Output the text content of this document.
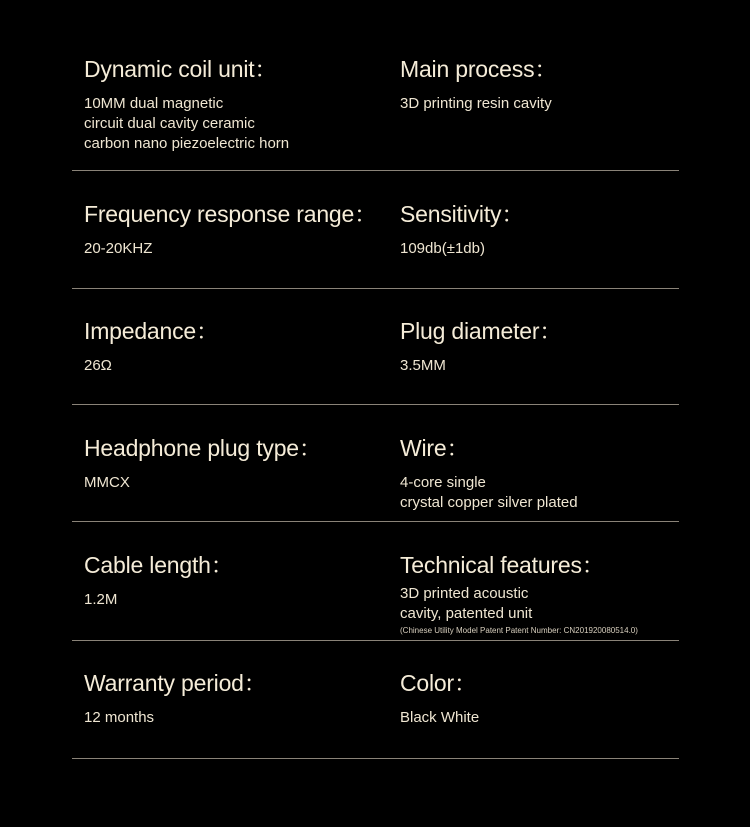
Dynamic coil unit：
10MM dual magnetic
circuit dual cavity ceramic
carbon nano piezoelectric horn
Main process：
3D printing resin cavity
Frequency response range：
20-20KHZ
Sensitivity：
109db(±1db)
Impedance：
26Ω
Plug diameter：
3.5MM
Headphone plug type：
MMCX
Wire：
4-core single
crystal copper silver plated
Cable length：
1.2M
Technical features：
3D printed acoustic
cavity, patented unit
(Chinese Utility Model Patent Patent Number: CN201920080514.0)
Warranty period：
12 months
Color：
Black White
